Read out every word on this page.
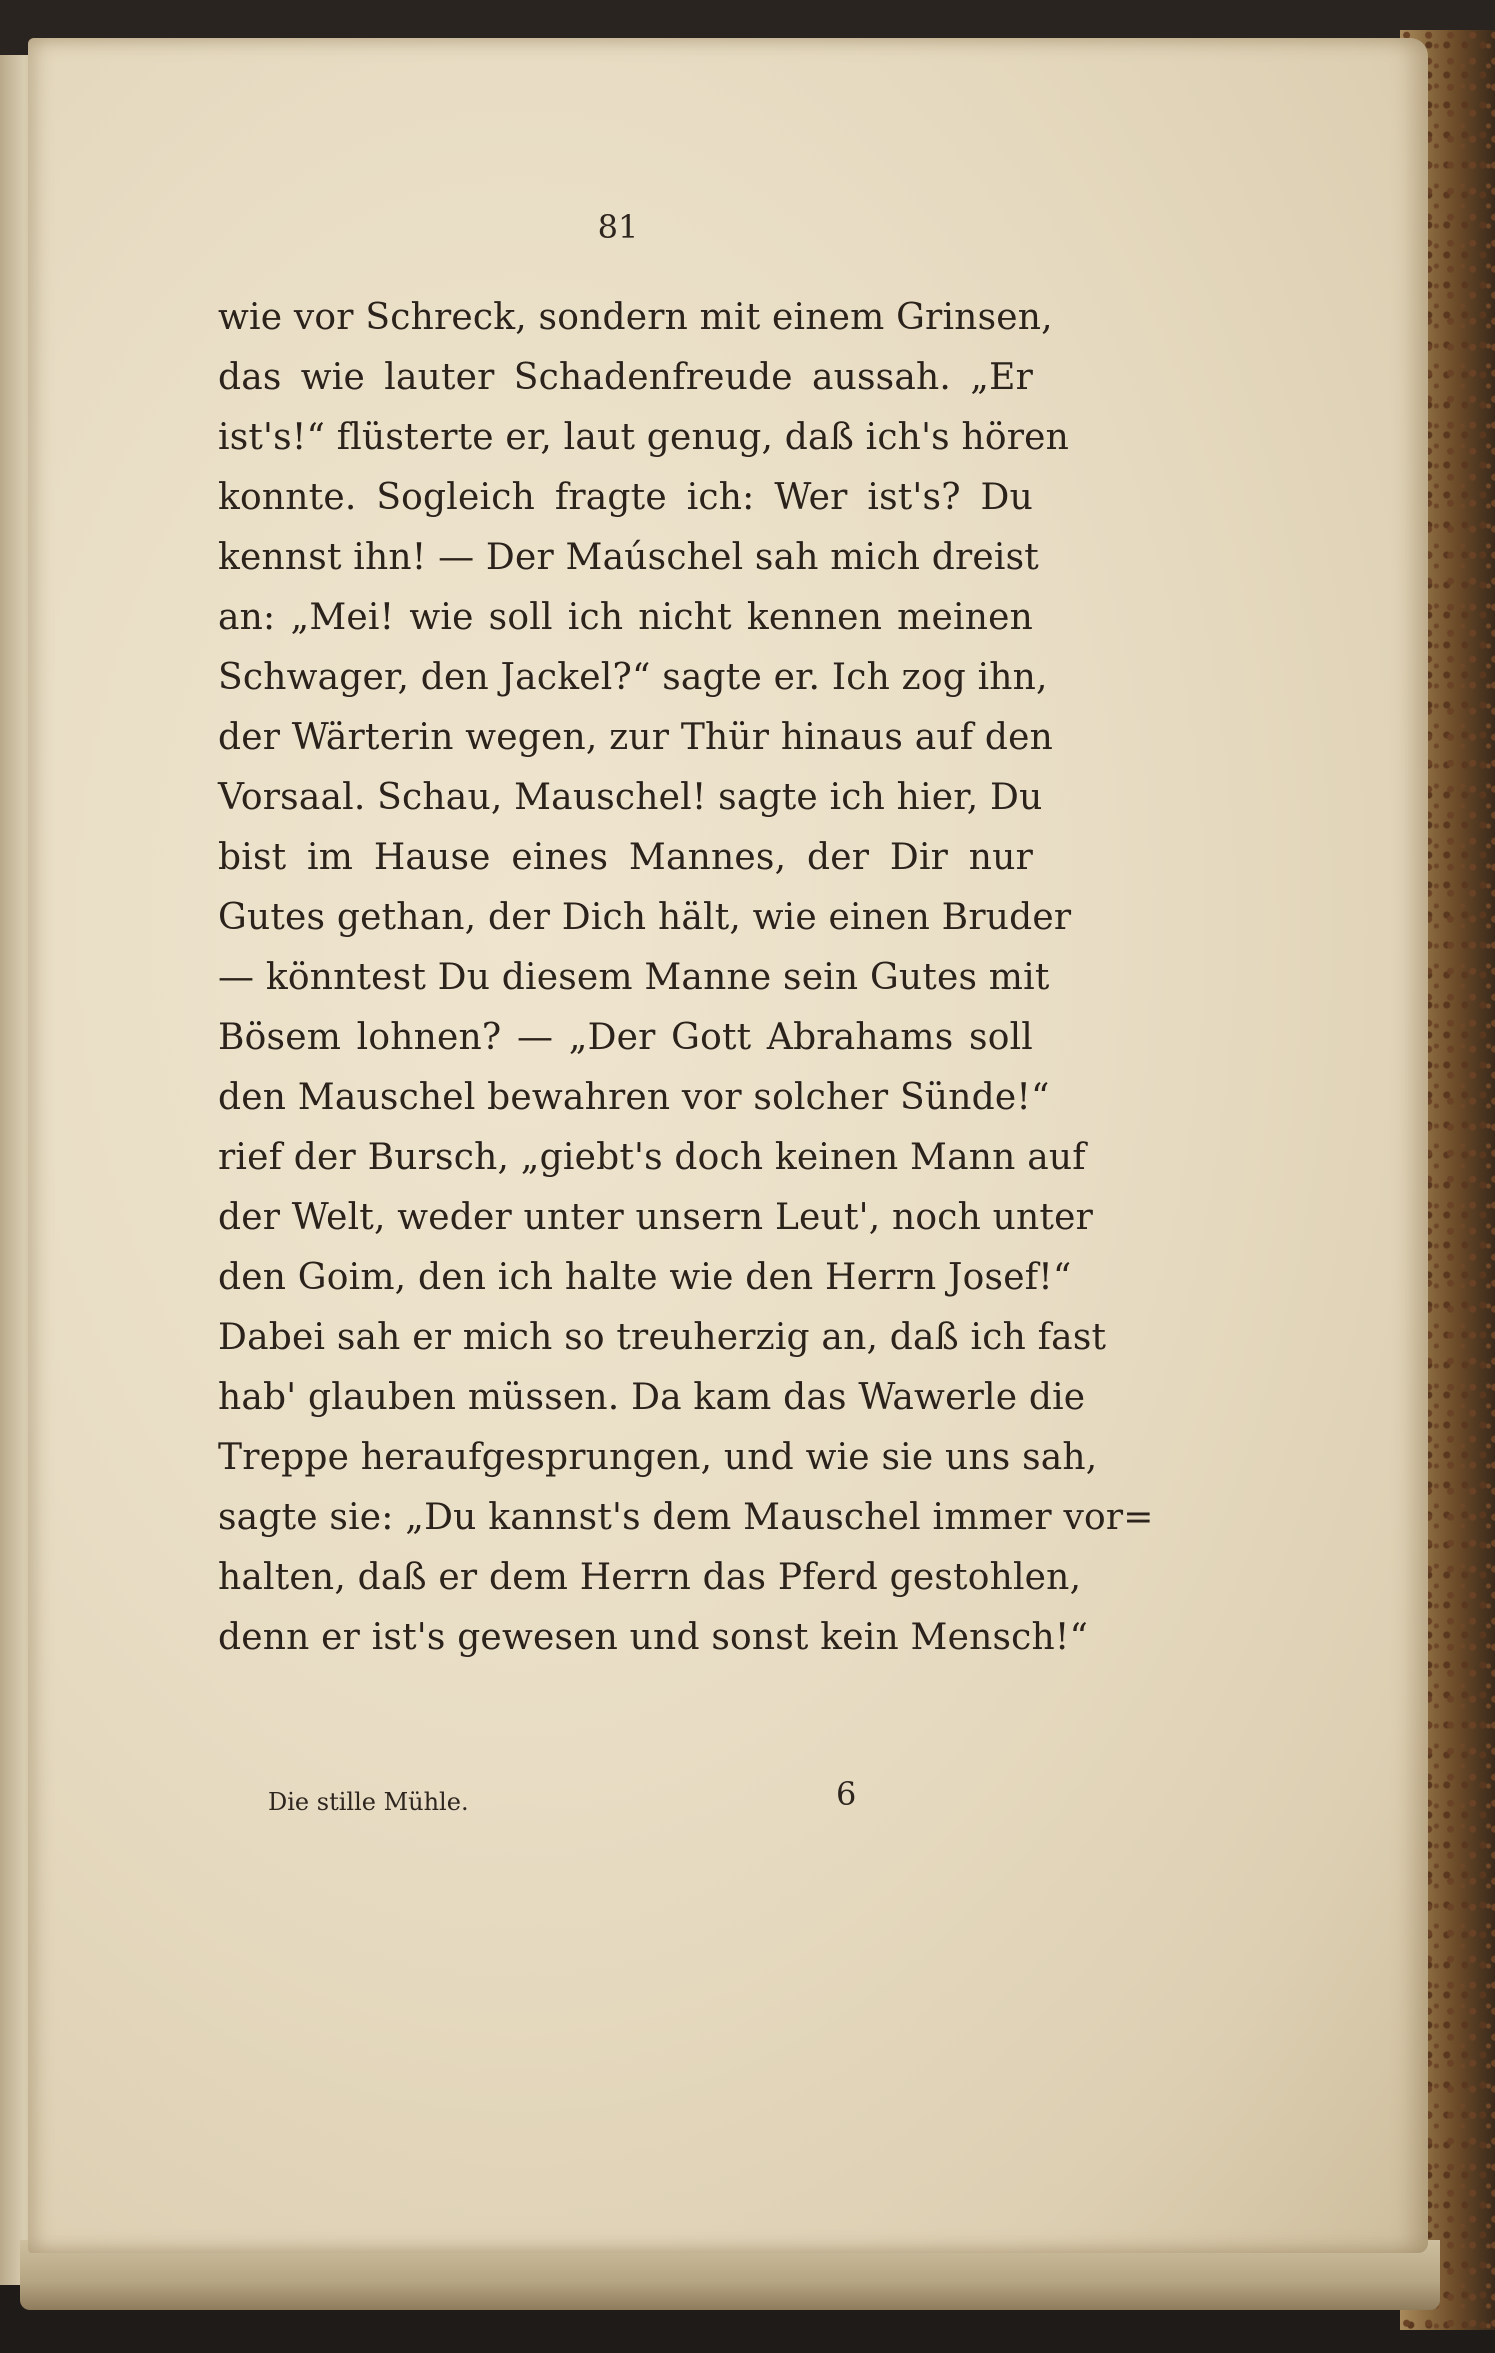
81
wie vor Schreck, sondern mit einem Grinsen,
das wie lauter Schadenfreude aussah. „Er
ist's!“ flüsterte er, laut genug, daß ich's hören
konnte. Sogleich fragte ich: Wer ist's? Du
kennst ihn! — Der Maúschel sah mich dreist
an: „Mei! wie soll ich nicht kennen meinen
Schwager, den Jackel?“ sagte er. Ich zog ihn,
der Wärterin wegen, zur Thür hinaus auf den
Vorsaal. Schau, Mauschel! sagte ich hier, Du
bist im Hause eines Mannes, der Dir nur
Gutes gethan, der Dich hält, wie einen Bruder
— könntest Du diesem Manne sein Gutes mit
Bösem lohnen? — „Der Gott Abrahams soll
den Mauschel bewahren vor solcher Sünde!“
rief der Bursch, „giebt's doch keinen Mann auf
der Welt, weder unter unsern Leut', noch unter
den Goim, den ich halte wie den Herrn Josef!“
Dabei sah er mich so treuherzig an, daß ich fast
hab' glauben müssen. Da kam das Wawerle die
Treppe heraufgesprungen, und wie sie uns sah,
sagte sie: „Du kannst's dem Mauschel immer vor=
halten, daß er dem Herrn das Pferd gestohlen,
denn er ist's gewesen und sonst kein Mensch!“
Die stille Mühle.	6
